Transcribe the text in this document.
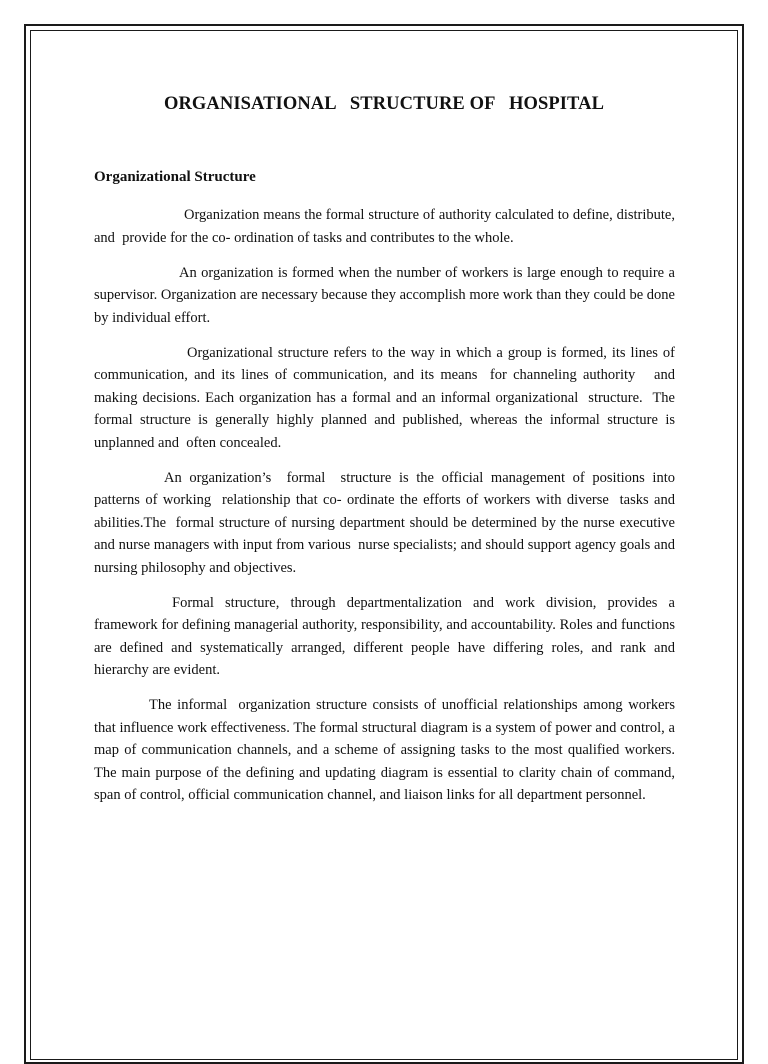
ORGANISATIONAL   STRUCTURE OF   HOSPITAL
Organizational Structure

Organization means the formal structure of authority calculated to define, distribute,  and  provide for the co- ordination of tasks and contributes to the whole.

An organization is formed when the number of workers is large enough to require a supervisor. Organization are necessary because they accomplish more work than they could be done by individual effort.

Organizational structure refers to the way in which a group is formed, its lines of communication, and its lines of communication, and its means  for channeling authority   and making decisions. Each organization has a formal and an informal organizational  structure.  The formal structure is generally highly planned and published, whereas the informal structure is unplanned and  often concealed.

An organization’s  formal  structure is the official management of positions into patterns of working  relationship that co- ordinate the efforts of workers with diverse  tasks and abilities.The  formal structure of nursing department should be determined by the nurse executive and nurse managers with input from various  nurse specialists; and should support agency goals and nursing philosophy and objectives.

Formal structure, through departmentalization and work division, provides a framework for defining managerial authority, responsibility, and accountability. Roles and functions are defined and systematically arranged, different people have differing roles, and rank and hierarchy are evident.

The informal  organization structure consists of unofficial relationships among workers that influence work effectiveness. The formal structural diagram is a system of power and control, a map of communication channels, and a scheme of assigning tasks to the most qualified workers. The main purpose of the defining and updating diagram is essential to clarity chain of command, span of control, official communication channel, and liaison links for all department personnel.
